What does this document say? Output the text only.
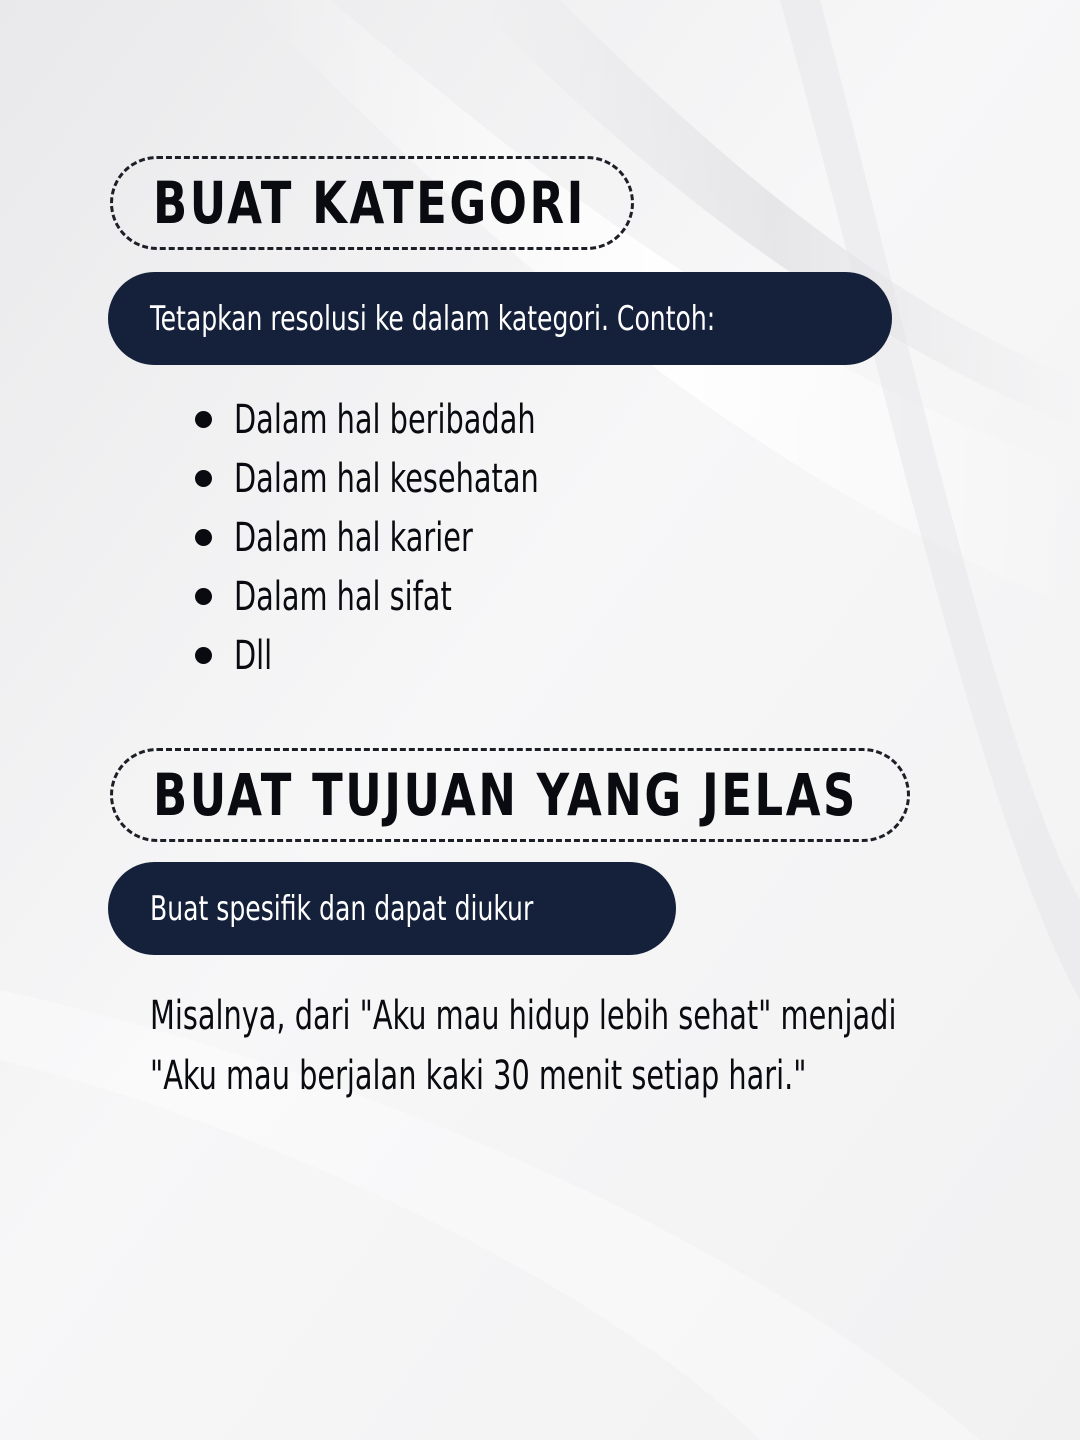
BUAT KATEGORI
Tetapkan resolusi ke dalam kategori. Contoh:
Dalam hal beribadah
Dalam hal kesehatan
Dalam hal karier
Dalam hal sifat
Dll
BUAT TUJUAN YANG JELAS
Buat spesifik dan dapat diukur
Misalnya, dari "Aku mau hidup lebih sehat" menjadi
"Aku mau berjalan kaki 30 menit setiap hari."
